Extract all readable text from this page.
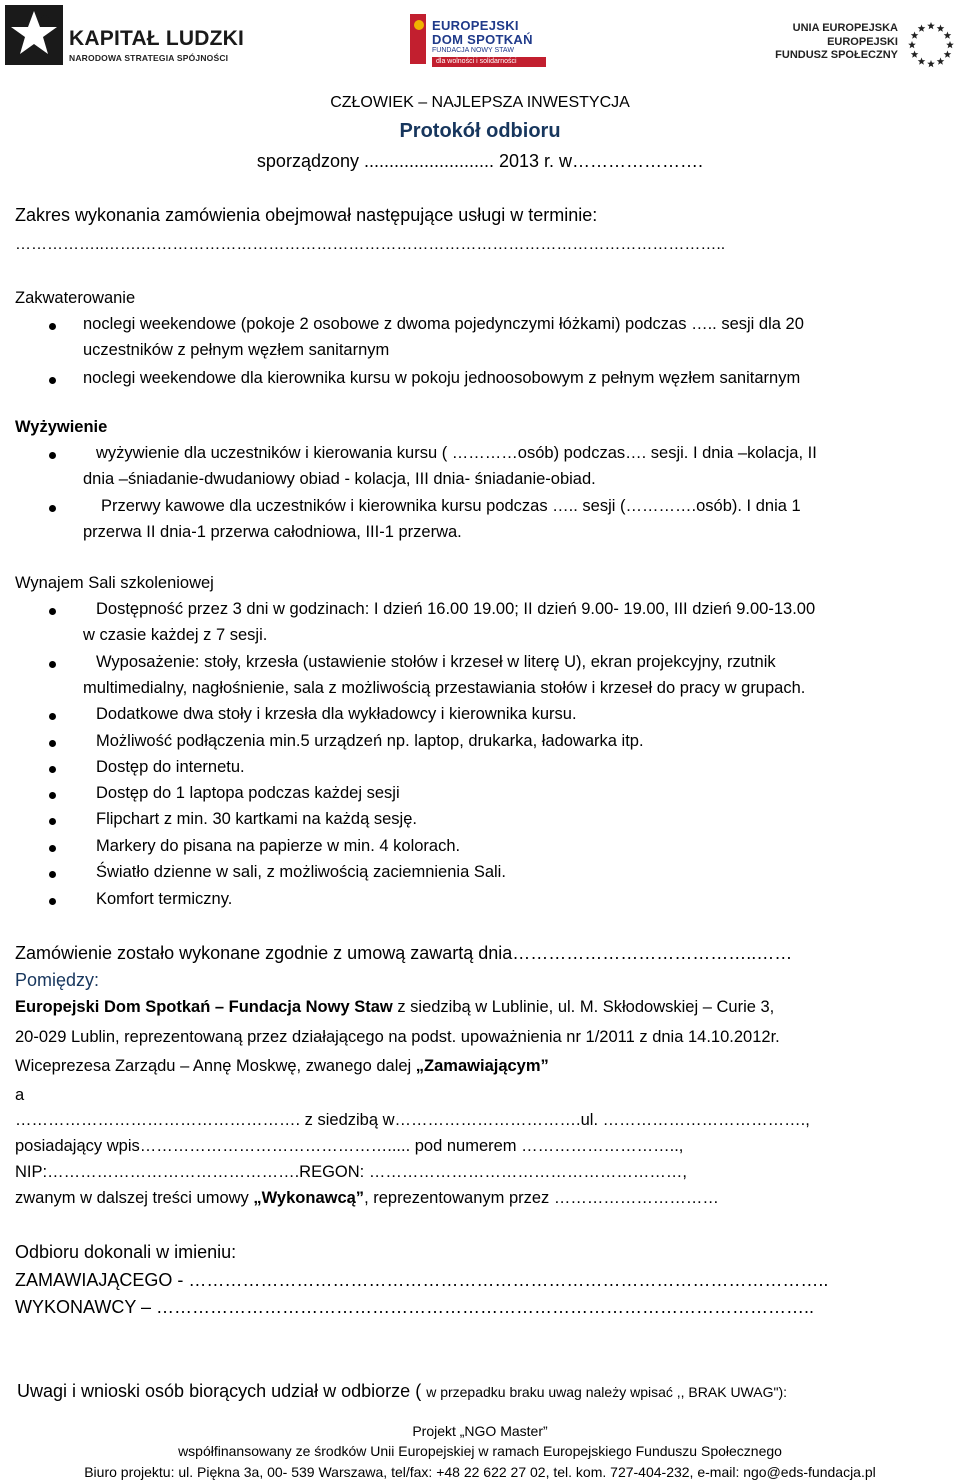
KAPITAŁ LUDZKI
NARODOWA STRATEGIA SPÓJNOŚCI
EUROPEJSKI
DOM SPOTKAŃ
FUNDACJA NOWY STAW
dla wolności i solidarności
UNIA EUROPEJSKA
EUROPEJSKI
FUNDUSZ SPOŁECZNY
CZŁOWIEK – NAJLEPSZA INWESTYCJA
Protokół odbioru
sporządzony .......................... 2013 r. w………………….
Zakres wykonania zamówienia obejmował następujące usługi w terminie:
……………..…….………………………………………………………………………………………………..
Zakwaterowanie
noclegi weekendowe (pokoje 2 osobowe z dwoma pojedynczymi łóżkami) podczas ….. sesji dla 20
uczestników z pełnym węzłem sanitarnym
noclegi weekendowe dla kierownika kursu w pokoju jednoosobowym z pełnym węzłem sanitarnym
Wyżywienie
wyżywienie dla uczestników i kierowania kursu ( …………osób) podczas…. sesji. I dnia –kolacja, II
dnia –śniadanie-dwudaniowy obiad - kolacja, III dnia- śniadanie-obiad.
Przerwy kawowe dla uczestników i kierownika kursu podczas ….. sesji (………….osób). I dnia 1
przerwa II dnia-1 przerwa całodniowa, III-1 przerwa.
Wynajem Sali szkoleniowej
Dostępność przez 3 dni w godzinach: I dzień 16.00 19.00; II dzień 9.00- 19.00, III dzień 9.00-13.00
w czasie każdej z 7 sesji.
Wyposażenie: stoły, krzesła (ustawienie stołów i krzeseł w literę U), ekran projekcyjny, rzutnik
multimedialny, nagłośnienie, sala z możliwością przestawiania stołów i krzeseł do pracy w grupach.
Dodatkowe dwa stoły i krzesła dla wykładowcy i kierownika kursu.
Możliwość podłączenia min.5 urządzeń np. laptop, drukarka, ładowarka itp.
Dostęp do internetu.
Dostęp do 1 laptopa podczas każdej sesji
Flipchart z min. 30 kartkami na każdą sesję.
Markery do pisana na papierze w min. 4 kolorach.
Światło dzienne w sali, z możliwością zaciemnienia Sali.
Komfort termiczny.
Zamówienie zostało wykonane zgodnie z umową zawartą dnia…………………………………..……
Pomiędzy:
Europejski Dom Spotkań – Fundacja Nowy Staw z siedzibą w Lublinie, ul. M. Skłodowskiej – Curie 3,
20-029 Lublin, reprezentowaną przez działającego na podst. upoważnienia nr 1/2011 z dnia 14.10.2012r.
Wiceprezesa Zarządu – Annę Moskwę, zwanego dalej „Zamawiającym”
a
……………………………………………. z siedzibą w…………………………….ul. ……………………………….,
posiadający wpis………………………………………..... pod numerem ………………………..,
NIP:……………………………………….REGON: …………………………………………………,
zwanym w dalszej treści umowy „Wykonawcą”, reprezentowanym przez …………………………
Odbioru dokonali w imieniu:
ZAMAWIAJĄCEGO - ……………………………………………………………………………………………..
WYKONAWCY – ………………………………………………………………………………………………..
Uwagi i wnioski osób biorących udział w odbiorze ( w przepadku braku uwag należy wpisać ,, BRAK UWAG"):
Projekt „NGO Master”
współfinansowany ze środków Unii Europejskiej w ramach Europejskiego Funduszu Społecznego
Biuro projektu: ul. Piękna 3a, 00- 539 Warszawa, tel/fax: +48 22 622 27 02, tel. kom. 727-404-232, e-mail: ngo@eds-fundacja.pl
